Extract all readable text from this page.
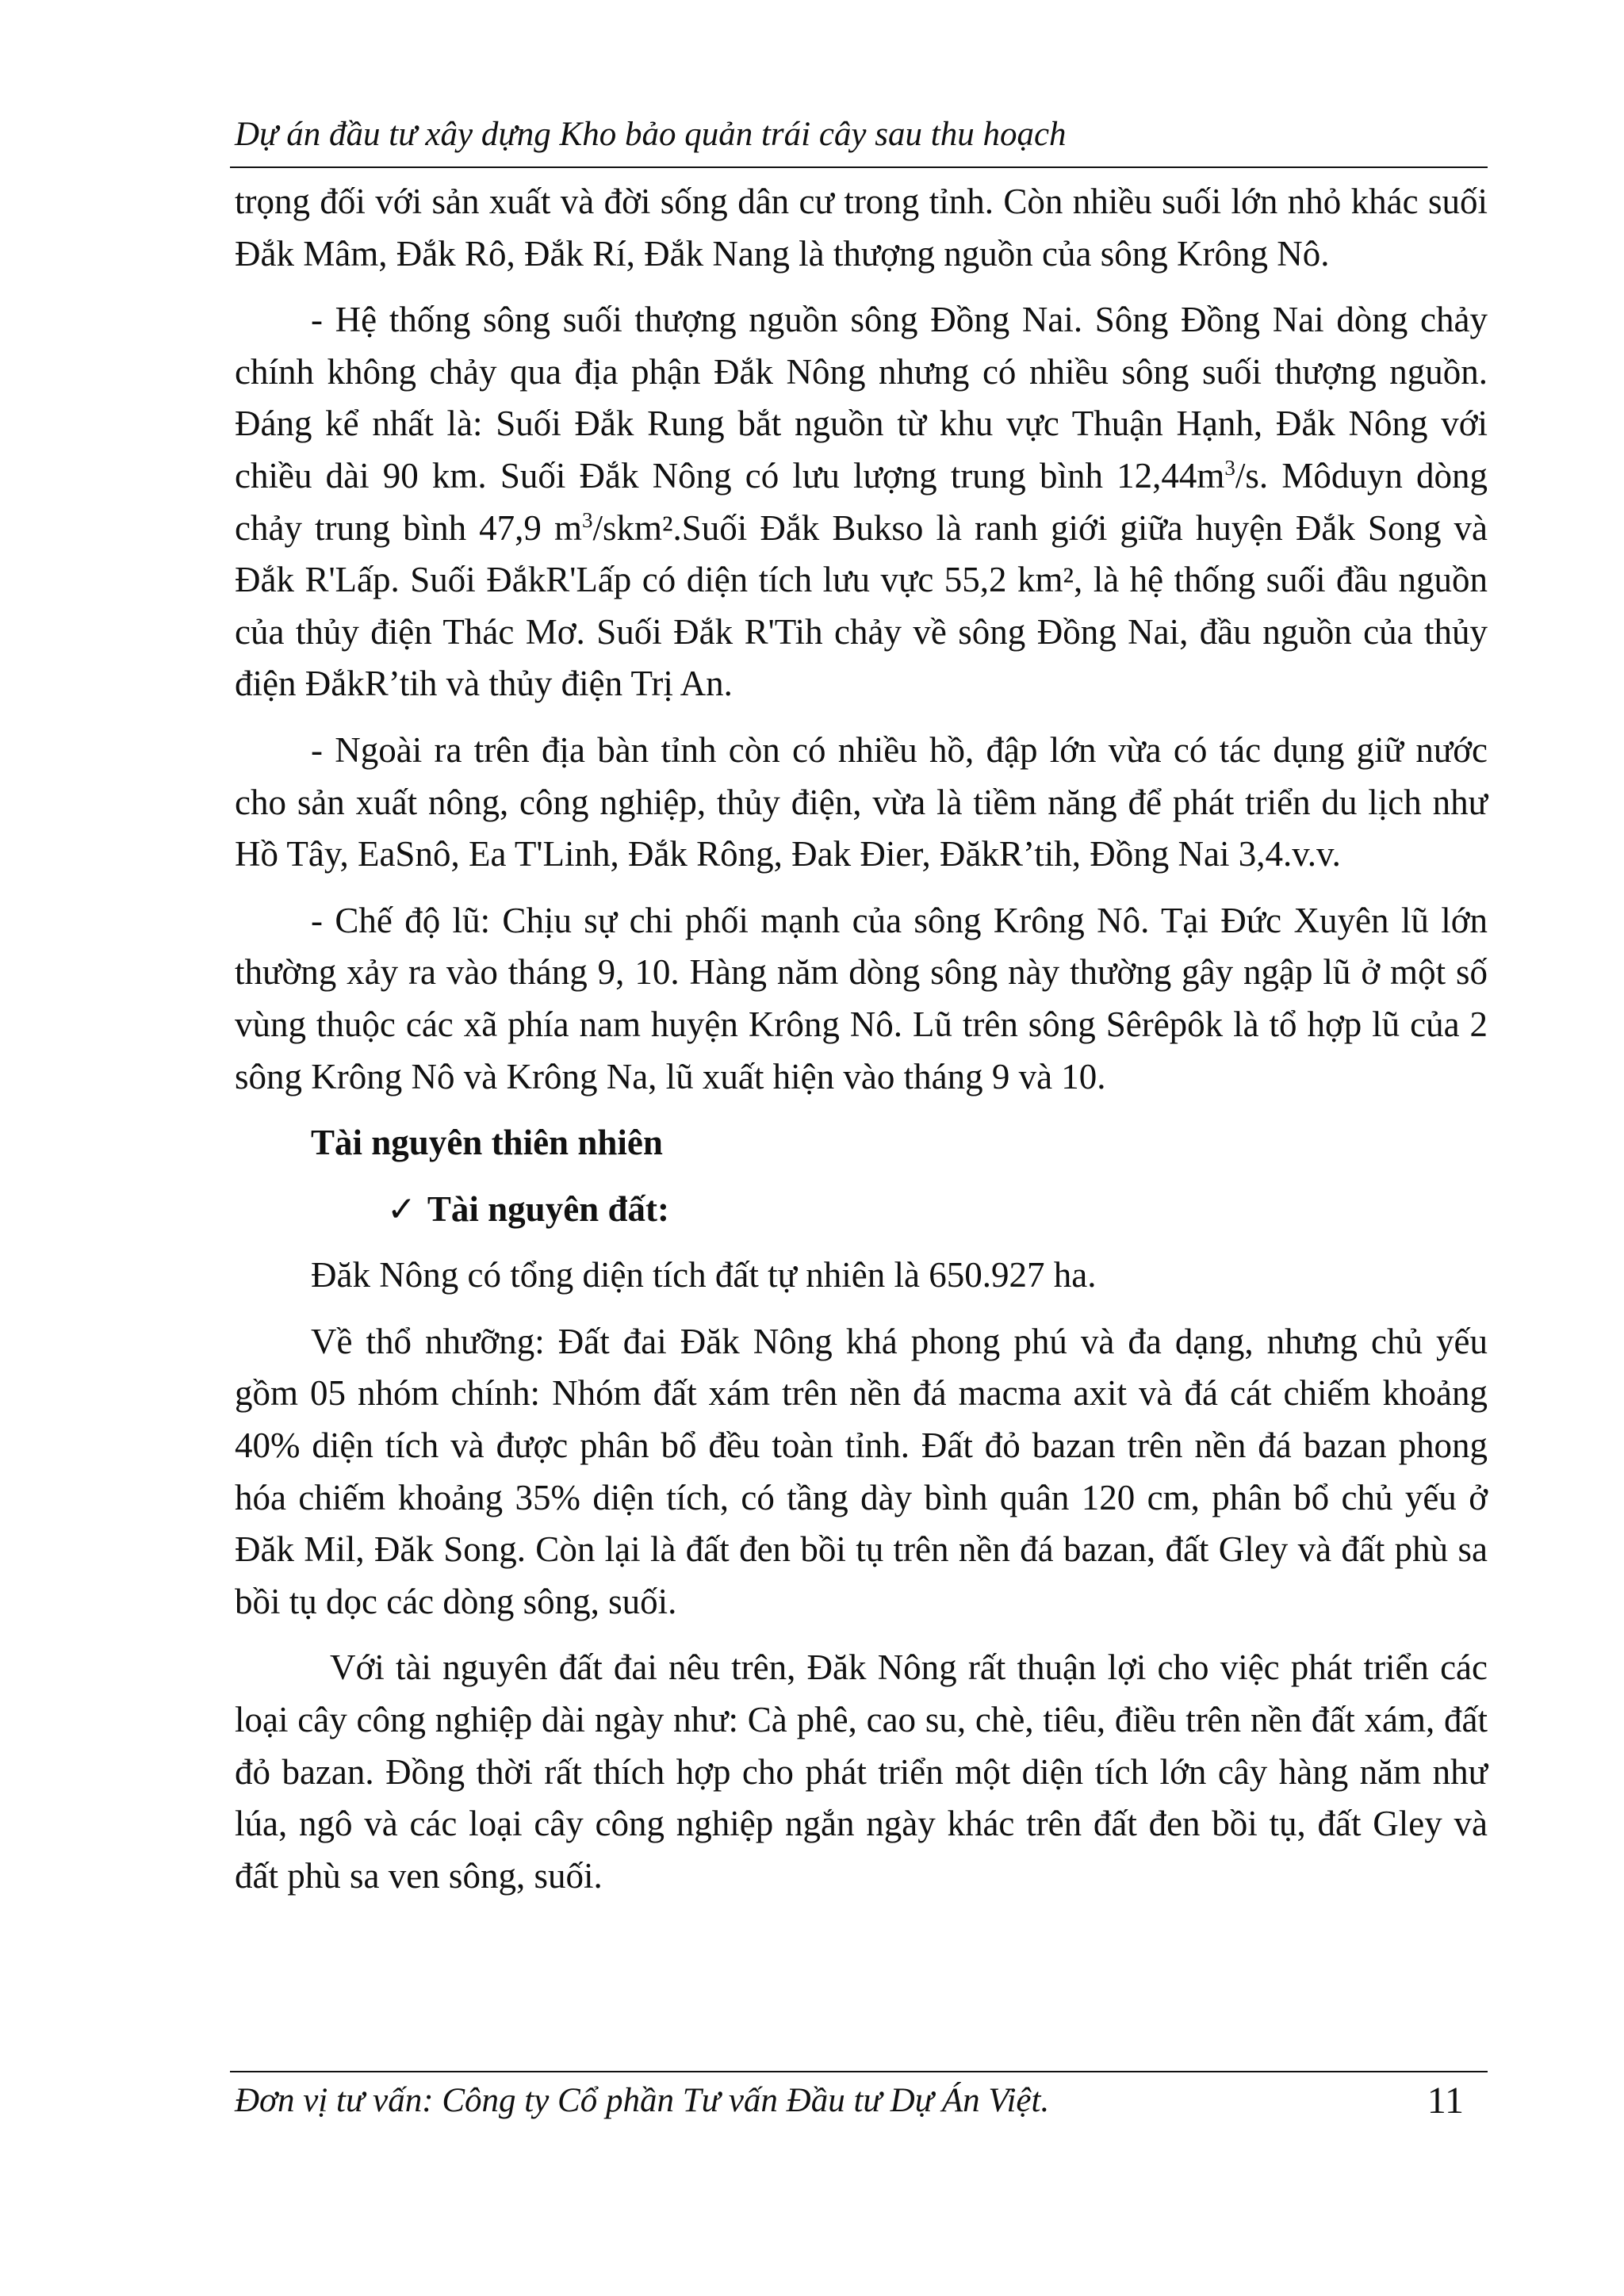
Dự án đầu tư xây dựng Kho bảo quản trái cây sau thu hoạch

trọng đối với sản xuất và đời sống dân cư trong tỉnh. Còn nhiều suối lớn nhỏ khác suối Đắk Mâm, Đắk Rô, Đắk Rí, Đắk Nang là thượng nguồn của sông Krông Nô.

- Hệ thống sông suối thượng nguồn sông Đồng Nai. Sông Đồng Nai dòng chảy chính không chảy qua địa phận Đắk Nông nhưng có nhiều sông suối thượng nguồn. Đáng kể nhất là: Suối Đắk Rung bắt nguồn từ khu vực Thuận Hạnh, Đắk Nông với chiều dài 90 km. Suối Đắk Nông có lưu lượng trung bình $12,44m^3/s$. Môduyn dòng chảy trung bình 47,9 $m^3/skm^2.Suối$ Đắk Bukso là ranh giới giữa huyện Đắk Song và Đắk R'Lấp. Suối ĐắkR'Lấp có diện tích lưu vực 55,2 km², là hệ thống suối đầu nguồn của thủy điện Thác Mơ. Suối Đắk R'Tih chảy về sông Đồng Nai, đầu nguồn của thủy điện ĐắkR’tih và thủy điện Trị An.

- Ngoài ra trên địa bàn tỉnh còn có nhiều hồ, đập lớn vừa có tác dụng giữ nước cho sản xuất nông, công nghiệp, thủy điện, vừa là tiềm năng để phát triển du lịch như Hồ Tây, EaSnô, Ea T'Linh, Đắk Rông, Đak Đier, ĐăkR’tih, Đồng Nai 3,4.v.v.

- Chế độ lũ: Chịu sự chi phối mạnh của sông Krông Nô. Tại Đức Xuyên lũ lớn thường xảy ra vào tháng 9, 10. Hàng năm dòng sông này thường gây ngập lũ ở một số vùng thuộc các xã phía nam huyện Krông Nô. Lũ trên sông Sêrêpôk là tổ hợp lũ của 2 sông Krông Nô và Krông Na, lũ xuất hiện vào tháng 9 và 10.

Tài nguyên thiên nhiên

✓ Tài nguyên đất:

Đăk Nông có tổng diện tích đất tự nhiên là 650.927 ha.

Về thổ nhưỡng: Đất đai Đăk Nông khá phong phú và đa dạng, nhưng chủ yếu gồm 05 nhóm chính: Nhóm đất xám trên nền đá macma axit và đá cát chiếm khoảng 40% diện tích và được phân bổ đều toàn tỉnh. Đất đỏ bazan trên nền đá bazan phong hóa chiếm khoảng 35% diện tích, có tầng dày bình quân 120 cm, phân bổ chủ yếu ở Đăk Mil, Đăk Song. Còn lại là đất đen bồi tụ trên nền đá bazan, đất Gley và đất phù sa bồi tụ dọc các dòng sông, suối.

Với tài nguyên đất đai nêu trên, Đăk Nông rất thuận lợi cho việc phát triển các loại cây công nghiệp dài ngày như: Cà phê, cao su, chè, tiêu, điều trên nền đất xám, đất đỏ bazan. Đồng thời rất thích hợp cho phát triển một diện tích lớn cây hàng năm như lúa, ngô và các loại cây công nghiệp ngắn ngày khác trên đất đen bồi tụ, đất Gley và đất phù sa ven sông, suối.

Đơn vị tư vấn: Công ty Cổ phần Tư vấn Đầu tư Dự Án Việt.	11
